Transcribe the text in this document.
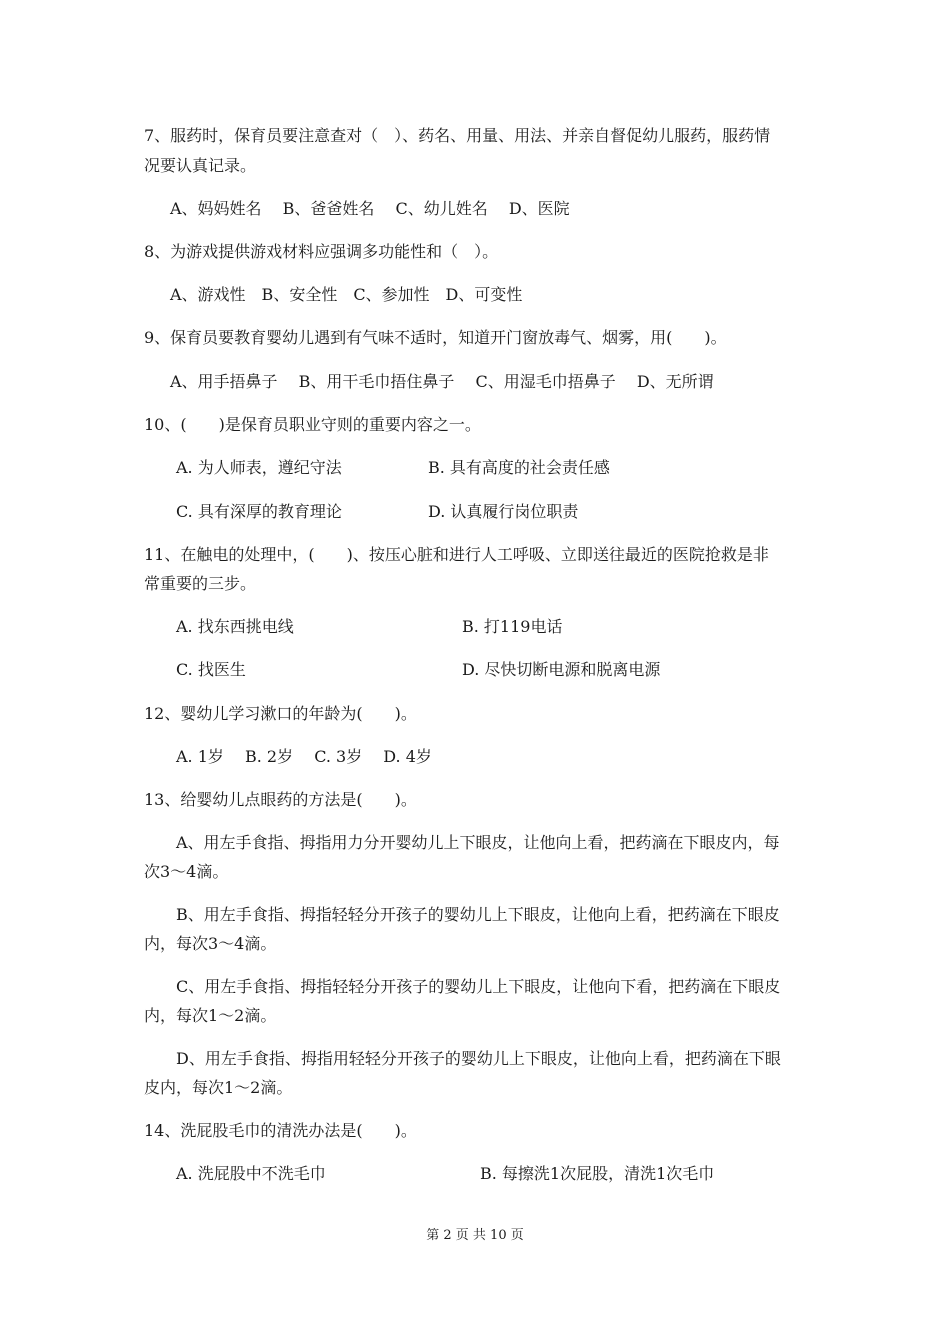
7、服药时，保育员要注意查对（　）、药名、用量、用法、并亲自督促幼儿服药，服药情
况要认真记录。
A、妈妈姓名　 B、爸爸姓名　 C、幼儿姓名　 D、医院
8、为游戏提供游戏材料应强调多功能性和（　）。
A、游戏性　B、安全性　C、参加性　D、可变性
9、保育员要教育婴幼儿遇到有气味不适时，知道开门窗放毒气、烟雾，用(　　)。
A、用手捂鼻子　 B、用干毛巾捂住鼻子　 C、用湿毛巾捂鼻子　 D、无所谓
10、(　　)是保育员职业守则的重要内容之一。
A. 为人师表，遵纪守法	B. 具有高度的社会责任感
C. 具有深厚的教育理论	D. 认真履行岗位职责
11、在触电的处理中，(　　)、按压心脏和进行人工呼吸、立即送往最近的医院抢救是非
常重要的三步。
A. 找东西挑电线	B. 打119电话
C. 找医生	D. 尽快切断电源和脱离电源
12、婴幼儿学习漱口的年龄为(　　)。
A. 1岁　 B. 2岁　 C. 3岁　 D. 4岁
13、给婴幼儿点眼药的方法是(　　)。
A、用左手食指、拇指用力分开婴幼儿上下眼皮，让他向上看，把药滴在下眼皮内，每
次3～4滴。
B、用左手食指、拇指轻轻分开孩子的婴幼儿上下眼皮，让他向上看，把药滴在下眼皮
内，每次3～4滴。
C、用左手食指、拇指轻轻分开孩子的婴幼儿上下眼皮，让他向下看，把药滴在下眼皮
内，每次1～2滴。
D、用左手食指、拇指用轻轻分开孩子的婴幼儿上下眼皮，让他向上看，把药滴在下眼
皮内，每次1～2滴。
14、洗屁股毛巾的清洗办法是(　　)。
A. 洗屁股中不洗毛巾	B. 每擦洗1次屁股，清洗1次毛巾
第 2 页 共 10 页
